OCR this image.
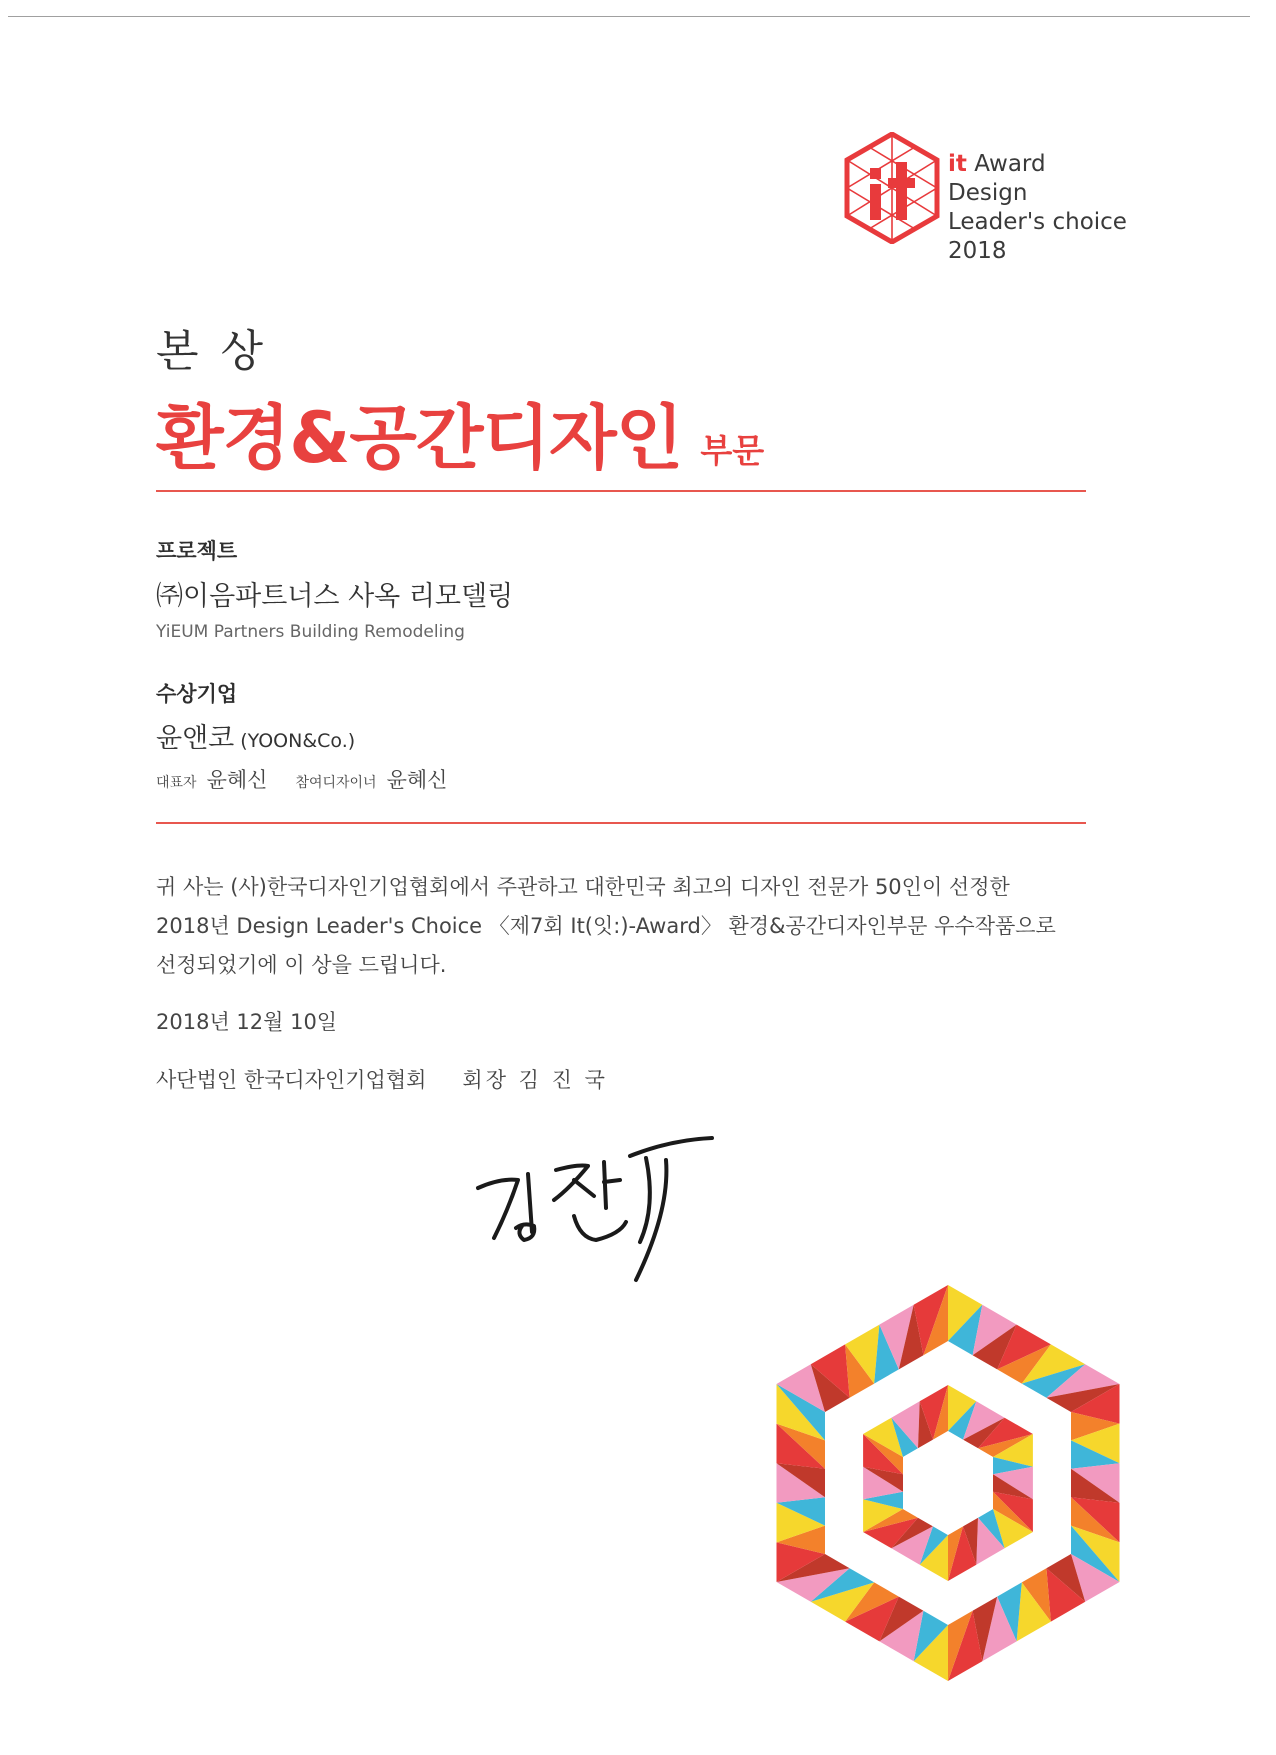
it Award
Design
Leader's choice
2018
본 상
환경&공간디자인 부문
프로젝트
㈜이음파트너스 사옥 리모델링
YiEUM Partners Building Remodeling
수상기업
윤앤코 (YOON&Co.)
대표자 윤혜신 참여디자이너 윤혜신
귀 사는 (사)한국디자인기업협회에서 주관하고 대한민국 최고의 디자인 전문가 50인이 선정한
2018년 Design Leader's Choice 〈제7회 It(잇:)-Award〉 환경&공간디자인부문 우수작품으로
선정되었기에 이 상을 드립니다.
2018년 12월 10일
사단법인 한국디자인기업협회 회장 김 진 국
